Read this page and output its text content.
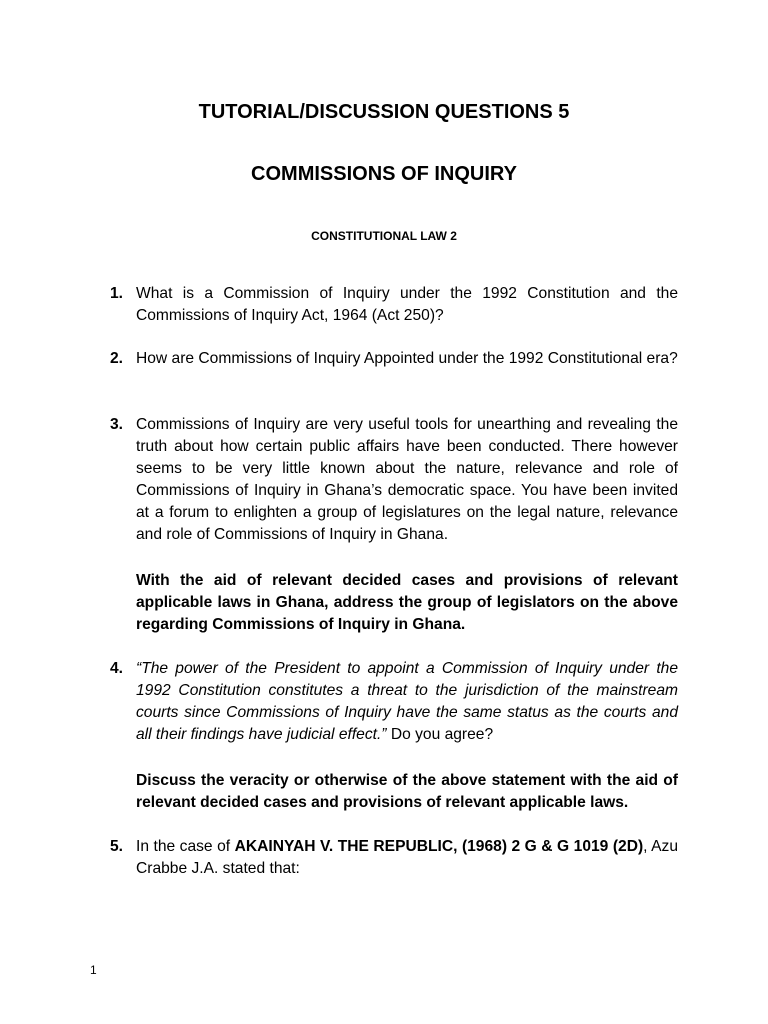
TUTORIAL/DISCUSSION QUESTIONS 5
COMMISSIONS OF INQUIRY
CONSTITUTIONAL LAW 2
1. What is a Commission of Inquiry under the 1992 Constitution and the Commissions of Inquiry Act, 1964 (Act 250)?

2. How are Commissions of Inquiry Appointed under the 1992 Constitutional era?

3. Commissions of Inquiry are very useful tools for unearthing and revealing the truth about how certain public affairs have been conducted. There however seems to be very little known about the nature, relevance and role of Commissions of Inquiry in Ghana’s democratic space. You have been invited at a forum to enlighten a group of legislatures on the legal nature, relevance and role of Commissions of Inquiry in Ghana.

With the aid of relevant decided cases and provisions of relevant applicable laws in Ghana, address the group of legislators on the above regarding Commissions of Inquiry in Ghana.

4. “The power of the President to appoint a Commission of Inquiry under the 1992 Constitution constitutes a threat to the jurisdiction of the mainstream courts since Commissions of Inquiry have the same status as the courts and all their findings have judicial effect.” Do you agree?

Discuss the veracity or otherwise of the above statement with the aid of relevant decided cases and provisions of relevant applicable laws.

5. In the case of AKAINYAH V. THE REPUBLIC, (1968) 2 G & G 1019 (2D), Azu Crabbe J.A. stated that:

1
